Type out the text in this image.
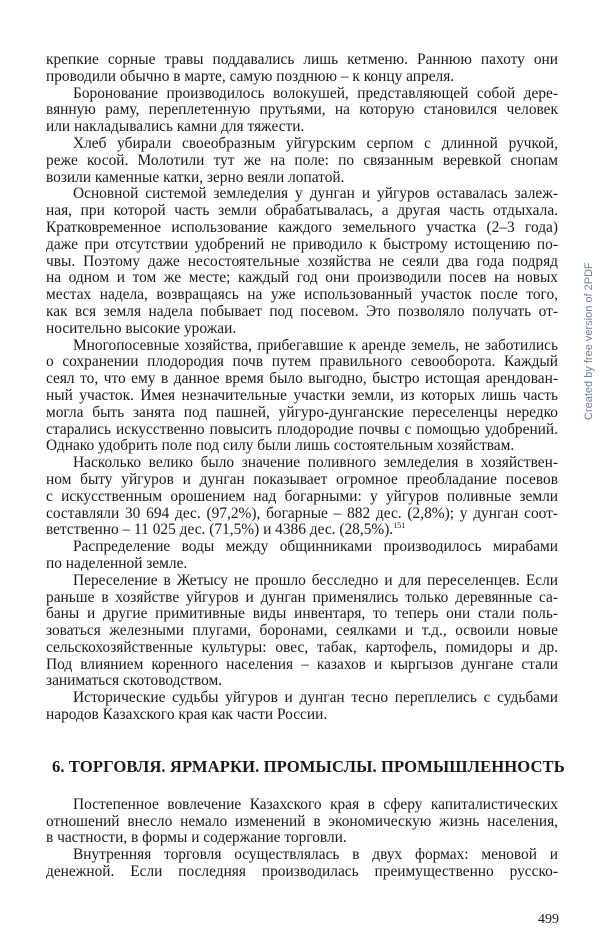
крепкие сорные травы поддавались лишь кетменю. Раннюю пахоту они
проводили обычно в марте, самую позднюю – к концу апреля.
Боронование производилось волокушей, представляющей собой дере-
вянную раму, переплетенную прутьями, на которую становился человек
или накладывались камни для тяжести.
Хлеб убирали своеобразным уйгурским серпом с длинной ручкой,
реже косой. Молотили тут же на поле: по связанным веревкой снопам
возили каменные катки, зерно веяли лопатой.
Основной системой земледелия у дунган и уйгуров оставалась залеж-
ная, при которой часть земли обрабатывалась, а другая часть отдыхала.
Кратковременное использование каждого земельного участка (2–3 года)
даже при отсутствии удобрений не приводило к быстрому истощению по-
чвы. Поэтому даже несостоятельные хозяйства не сеяли два года подряд
на одном и том же месте; каждый год они производили посев на новых
местах надела, возвращаясь на уже использованный участок после того,
как вся земля надела побывает под посевом. Это позволяло получать от-
носительно высокие урожаи.
Многопосевные хозяйства, прибегавшие к аренде земель, не заботились
о сохранении плодородия почв путем правильного севооборота. Каждый
сеял то, что ему в данное время было выгодно, быстро истощая арендован-
ный участок. Имея незначительные участки земли, из которых лишь часть
могла быть занята под пашней, уйгуро-дунганские переселенцы нередко
старались искусственно повысить плодородие почвы с помощью удобрений.
Однако удобрить поле под силу были лишь состоятельным хозяйствам.
Насколько велико было значение поливного земледелия в хозяйствен-
ном быту уйгуров и дунган показывает огромное преобладание посевов
с искусственным орошением над богарными: у уйгуров поливные земли
составляли 30 694 дес. (97,2%), богарные – 882 дес. (2,8%); у дунган соот-
ветственно – 11 025 дес. (71,5%) и 4386 дес. (28,5%).$^{151}$
Распределение воды между общинниками производилось мирабами
по наделенной земле.
Переселение в Жетысу не прошло бесследно и для переселенцев. Если
раньше в хозяйстве уйгуров и дунган применялись только деревянные са-
баны и другие примитивные виды инвентаря, то теперь они стали поль-
зоваться железными плугами, боронами, сеялками и т.д., освоили новые
сельскохозяйственные культуры: овес, табак, картофель, помидоры и др.
Под влиянием коренного населения – казахов и кыргызов дунгане стали
заниматься скотоводством.
Исторические судьбы уйгуров и дунган тесно переплелись с судьбами
народов Казахского края как части России.
6. ТОРГОВЛЯ. ЯРМАРКИ. ПРОМЫСЛЫ. ПРОМЫШЛЕННОСТЬ
Постепенное вовлечение Казахского края в сферу капиталистических
отношений внесло немало изменений в экономическую жизнь населения,
в частности, в формы и содержание торговли.
Внутренняя торговля осуществлялась в двух формах: меновой и
денежной. Если последняя производилась преимущественно русско-
499
Created by free version of 2PDF
